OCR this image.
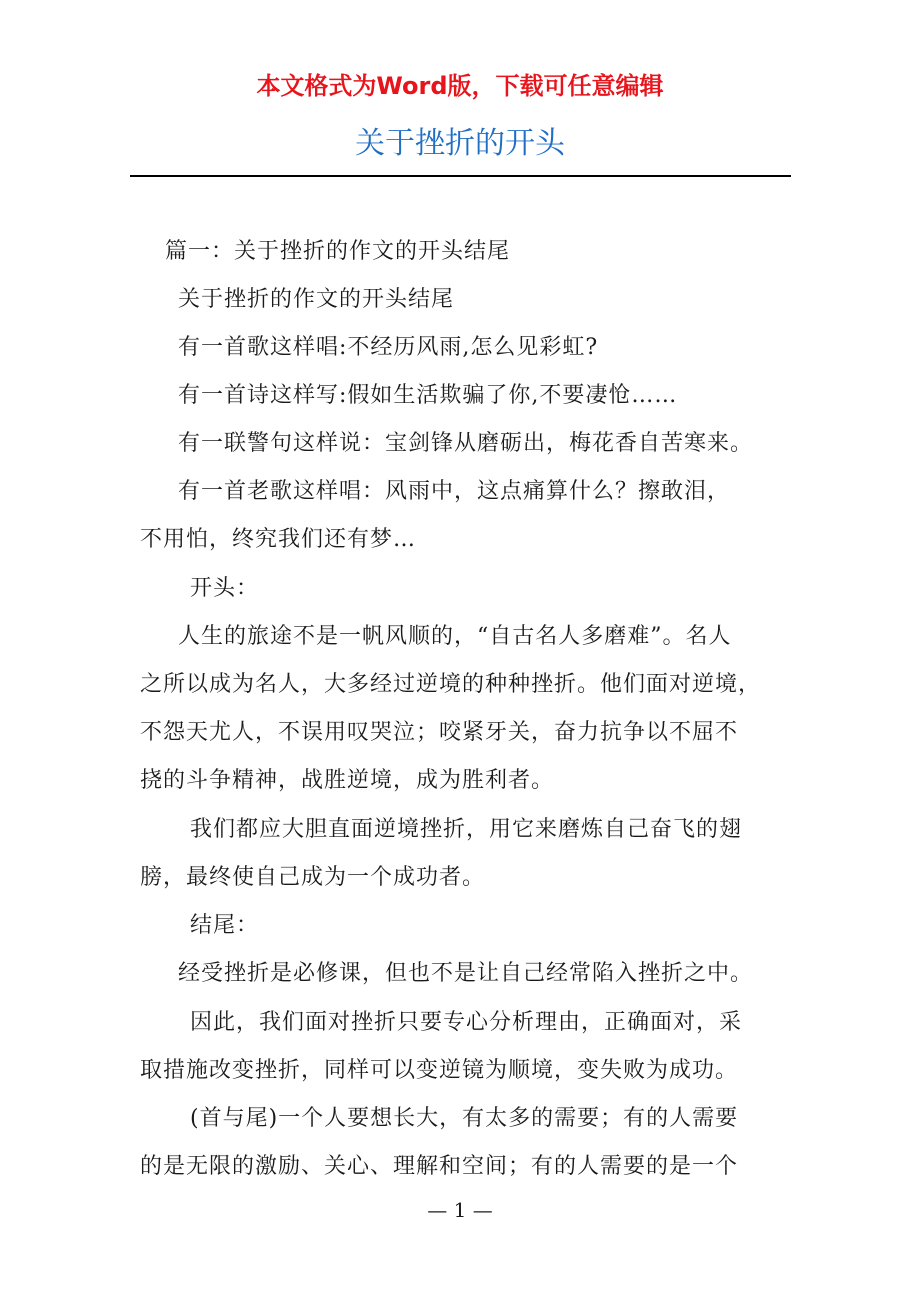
本文格式为Word版，下载可任意编辑
关于挫折的开头
篇一：关于挫折的作文的开头结尾
关于挫折的作文的开头结尾
有一首歌这样唱:不经历风雨,怎么见彩虹?
有一首诗这样写:假如生活欺骗了你,不要凄怆……
有一联警句这样说：宝剑锋从磨砺出，梅花香自苦寒来。
有一首老歌这样唱：风雨中，这点痛算什么？擦敢泪，
不用怕，终究我们还有梦…
开头：
人生的旅途不是一帆风顺的，“自古名人多磨难”。名人
之所以成为名人，大多经过逆境的种种挫折。他们面对逆境，
不怨天尤人，不误用叹哭泣；咬紧牙关，奋力抗争以不屈不
挠的斗争精神，战胜逆境，成为胜利者。
我们都应大胆直面逆境挫折，用它来磨炼自己奋飞的翅
膀，最终使自己成为一个成功者。
结尾：
经受挫折是必修课，但也不是让自己经常陷入挫折之中。
因此，我们面对挫折只要专心分析理由，正确面对，采
取措施改变挫折，同样可以变逆镜为顺境，变失败为成功。
(首与尾)一个人要想长大，有太多的需要；有的人需要
的是无限的激励、关心、理解和空间；有的人需要的是一个
— 1 —
